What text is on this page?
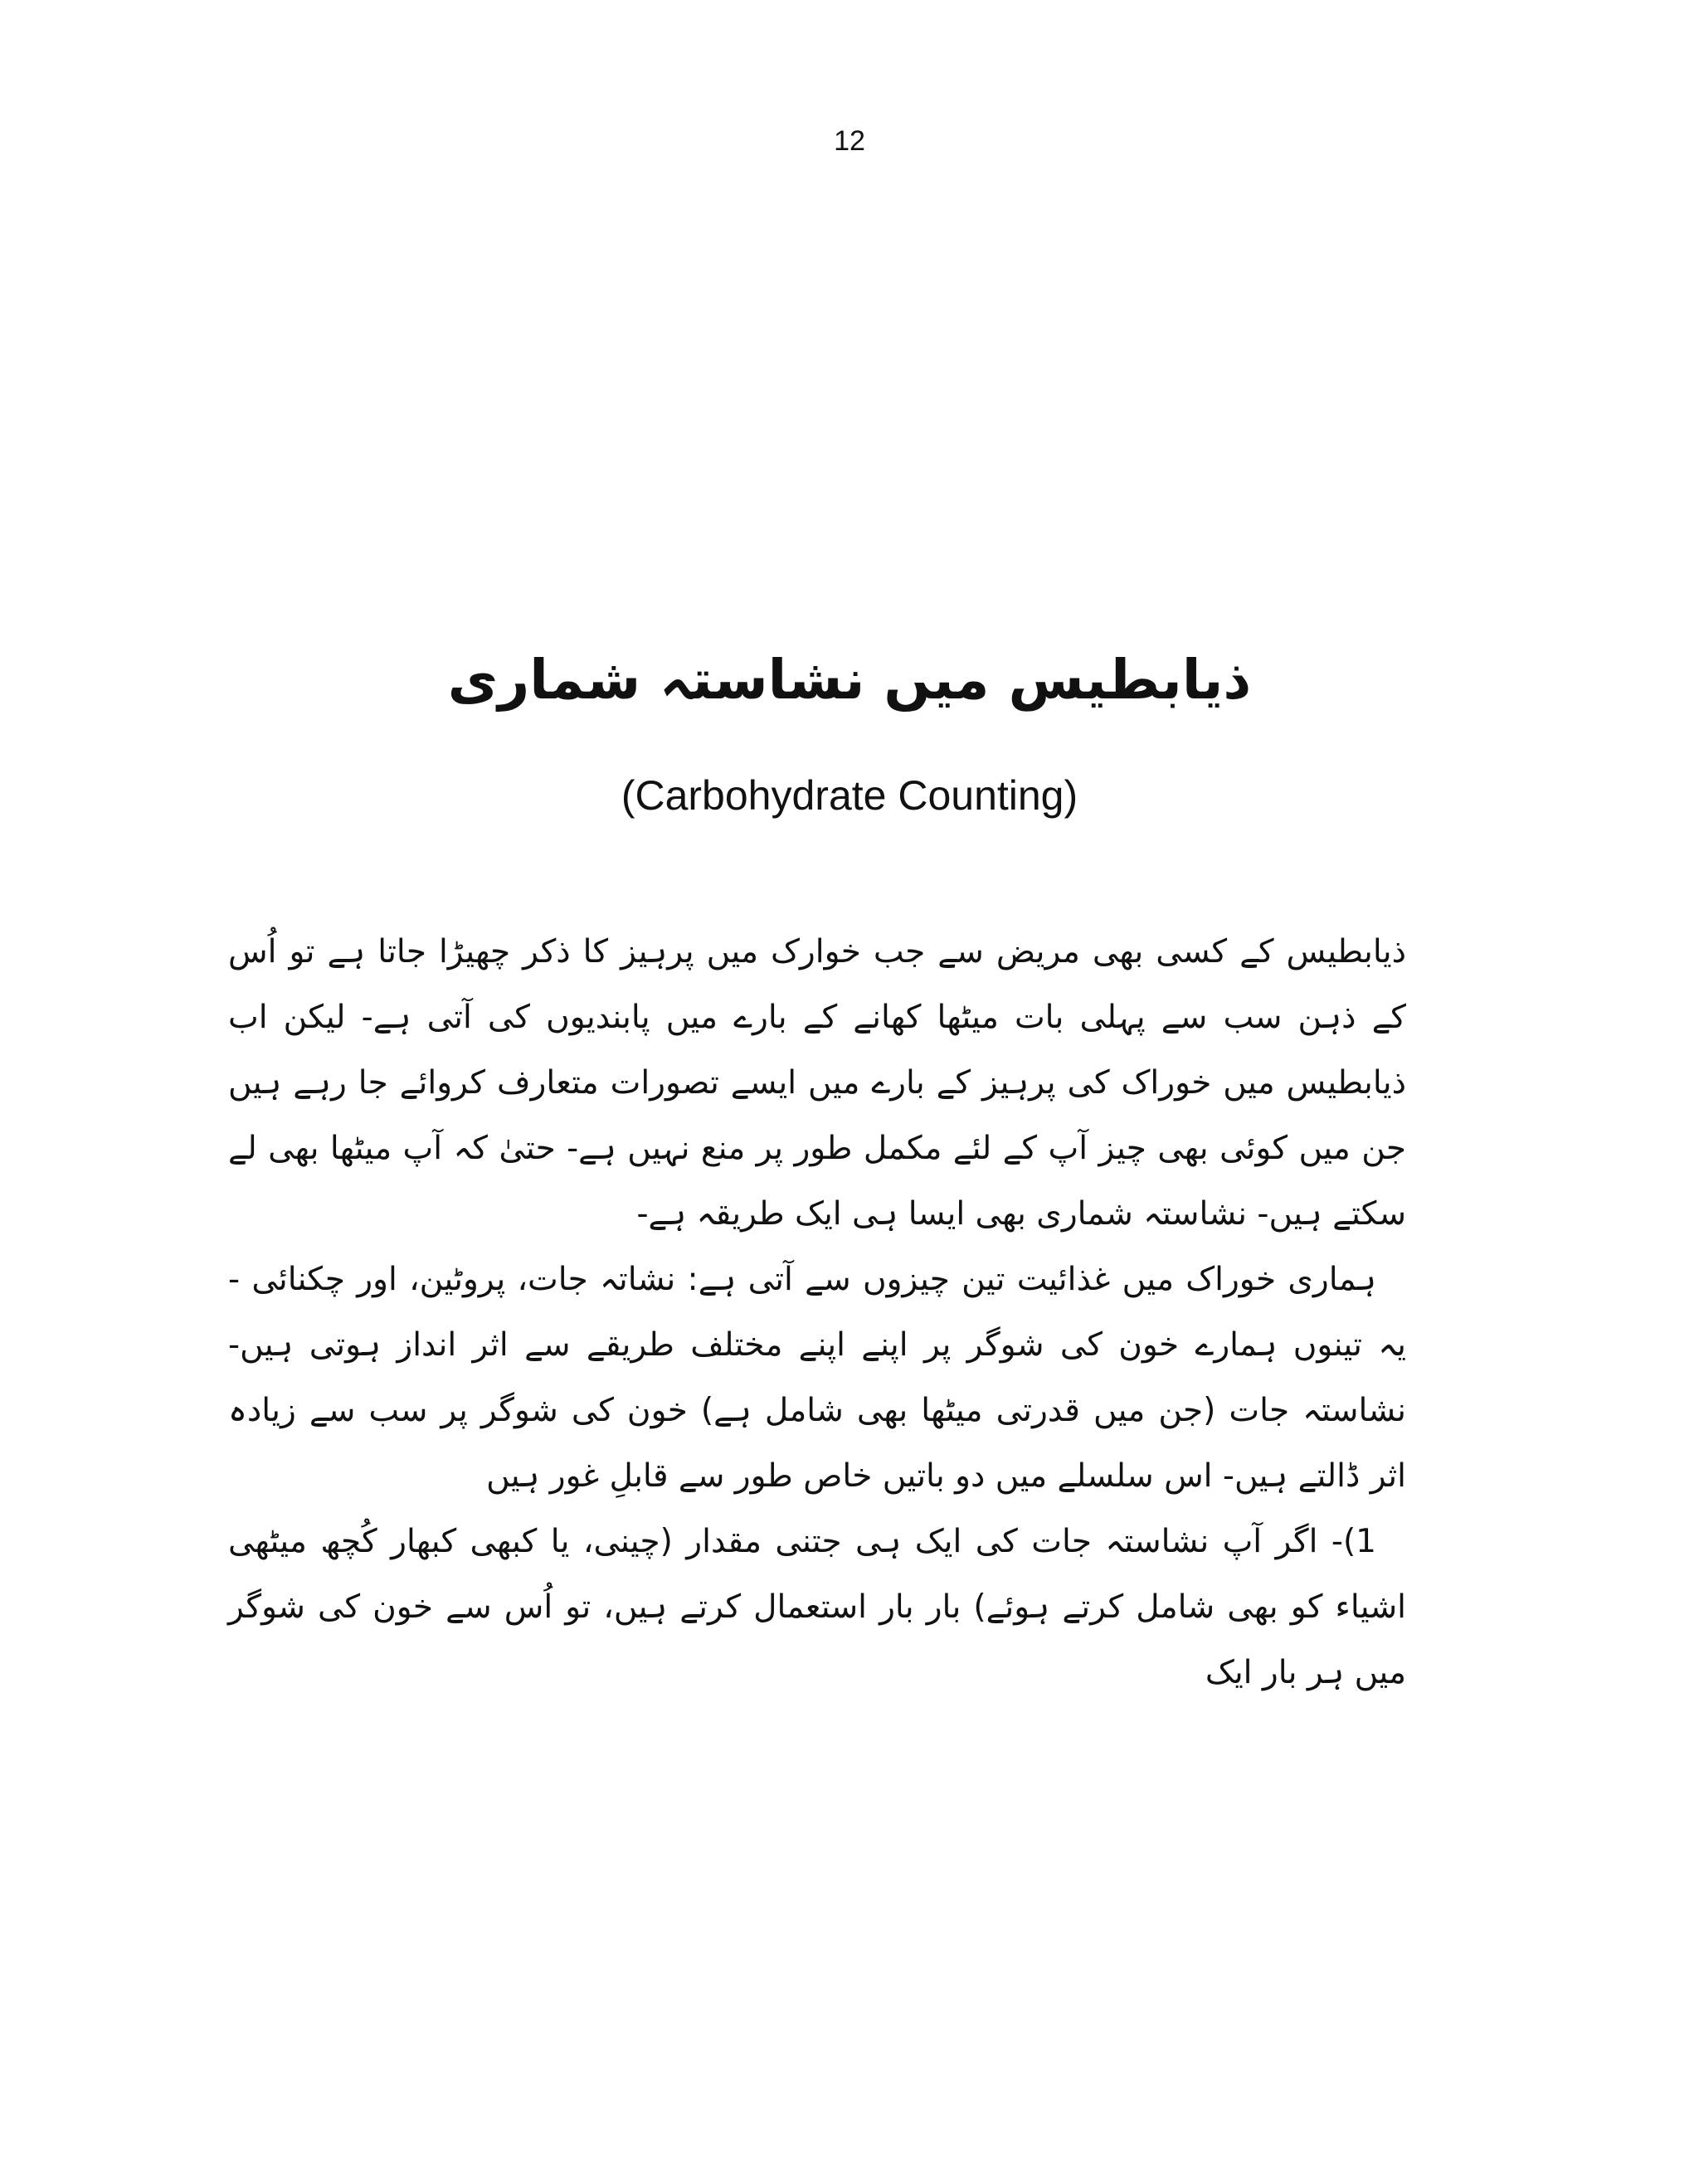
12
ذیابطیس میں نشاستہ شماری
(Carbohydrate Counting)

ذیابطیس کے کسی بھی مریض سے جب خوارک میں پرہیز کا ذکر چھیڑا جاتا ہے تو اُس کے ذہن سب سے پہلی بات میٹھا کھانے کے بارے میں پابندیوں کی آتی ہے- لیکن اب ذیابطیس میں خوراک کی پرہیز کے بارے میں ایسے تصورات متعارف کروائے جا رہے ہیں جن میں کوئی بھی چیز آپ کے لئے مکمل طور پر منع نہیں ہے- حتیٰ کہ آپ میٹھا بھی لے سکتے ہیں- نشاستہ شماری بھی ایسا ہی ایک طریقہ ہے-

ہماری خوراک میں غذائیت تین چیزوں سے آتی ہے: نشاتہ جات، پروٹین، اور چکنائی - یہ تینوں ہمارے خون کی شوگر پر اپنے اپنے مختلف طریقے سے اثر انداز ہوتی ہیں- نشاستہ جات (جن میں قدرتی میٹھا بھی شامل ہے) خون کی شوگر پر سب سے زیادہ اثر ڈالتے ہیں- اس سلسلے میں دو باتیں خاص طور سے قابلِ غور ہیں

1)- اگر آپ نشاستہ جات کی ایک ہی جتنی مقدار (چینی، یا کبھی کبھار کُچھ میٹھی اشیاء کو بھی شامل کرتے ہوئے) بار بار استعمال کرتے ہیں، تو اُس سے خون کی شوگر میں ہر بار ایک
